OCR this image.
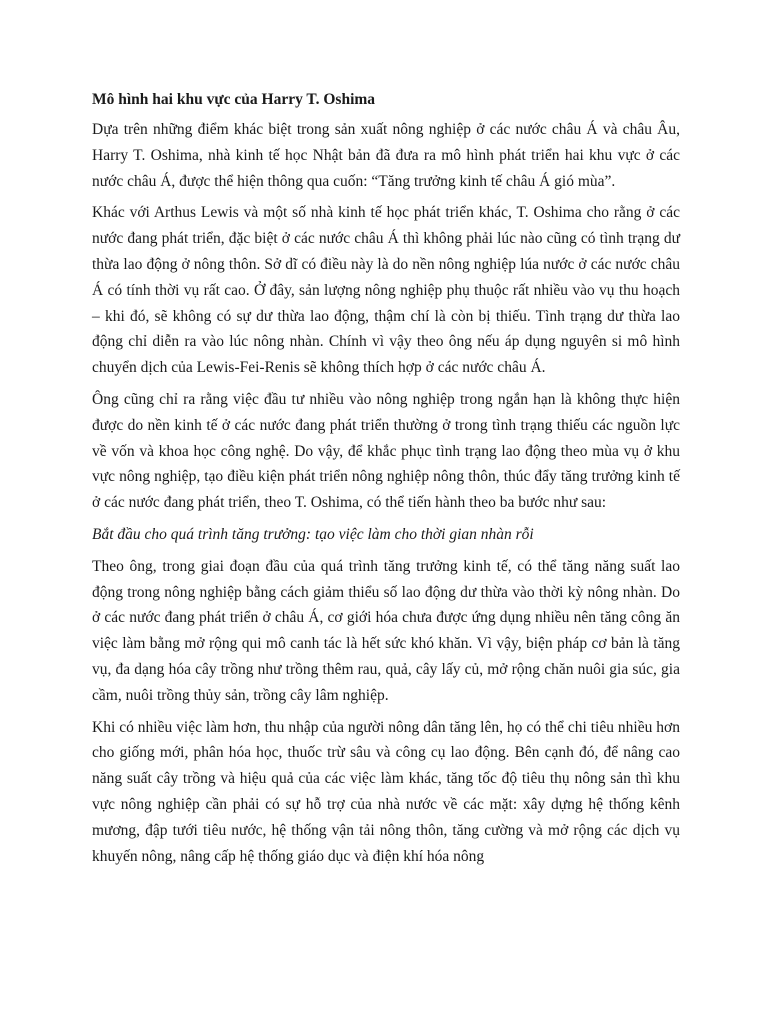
Mô hình hai khu vực của Harry T. Oshima

Dựa trên những điểm khác biệt trong sản xuất nông nghiệp ở các nước châu Á và châu Âu, Harry T. Oshima, nhà kinh tế học Nhật bản đã đưa ra mô hình phát triển hai khu vực ở các nước châu Á, được thể hiện thông qua cuốn: “Tăng trưởng kinh tế châu Á gió mùa”.

Khác với Arthus Lewis và một số nhà kinh tế học phát triển khác, T. Oshima cho rằng ở các nước đang phát triển, đặc biệt ở các nước châu Á thì không phải lúc nào cũng có tình trạng dư thừa lao động ở nông thôn. Sở dĩ có điều này là do nền nông nghiệp lúa nước ở các nước châu Á có tính thời vụ rất cao. Ở đây, sản lượng nông nghiệp phụ thuộc rất nhiều vào vụ thu hoạch – khi đó, sẽ không có sự dư thừa lao động, thậm chí là còn bị thiếu. Tình trạng dư thừa lao động chỉ diễn ra vào lúc nông nhàn. Chính vì vậy theo ông nếu áp dụng nguyên si mô hình chuyển dịch của Lewis-Fei-Renis sẽ không thích hợp ở các nước châu Á.

Ông cũng chỉ ra rằng việc đầu tư nhiều vào nông nghiệp trong ngắn hạn là không thực hiện được do nền kinh tế ở các nước đang phát triển thường ở trong tình trạng thiếu các nguồn lực về vốn và khoa học công nghệ. Do vậy, để khắc phục tình trạng lao động theo mùa vụ ở khu vực nông nghiệp, tạo điều kiện phát triển nông nghiệp nông thôn, thúc đẩy tăng trưởng kinh tế ở các nước đang phát triển, theo T. Oshima, có thể tiến hành theo ba bước như sau:

Bắt đầu cho quá trình tăng trưởng: tạo việc làm cho thời gian nhàn rỗi

Theo ông, trong giai đoạn đầu của quá trình tăng trưởng kinh tế, có thể tăng năng suất lao động trong nông nghiệp bằng cách giảm thiểu số lao động dư thừa vào thời kỳ nông nhàn. Do ở các nước đang phát triển ở châu Á, cơ giới hóa chưa được ứng dụng nhiều nên tăng công ăn việc làm bằng mở rộng qui mô canh tác là hết sức khó khăn. Vì vậy, biện pháp cơ bản là tăng vụ, đa dạng hóa cây trồng như trồng thêm rau, quả, cây lấy củ, mở rộng chăn nuôi gia súc, gia cầm, nuôi trồng thủy sản, trồng cây lâm nghiệp.

Khi có nhiều việc làm hơn, thu nhập của người nông dân tăng lên, họ có thể chi tiêu nhiều hơn cho giống mới, phân hóa học, thuốc trừ sâu và công cụ lao động. Bên cạnh đó, để nâng cao năng suất cây trồng và hiệu quả của các việc làm khác, tăng tốc độ tiêu thụ nông sản thì khu vực nông nghiệp cần phải có sự hỗ trợ của nhà nước về các mặt: xây dựng hệ thống kênh mương, đập tưới tiêu nước, hệ thống vận tải nông thôn, tăng cường và mở rộng các dịch vụ khuyến nông, nâng cấp hệ thống giáo dục và điện khí hóa nông
